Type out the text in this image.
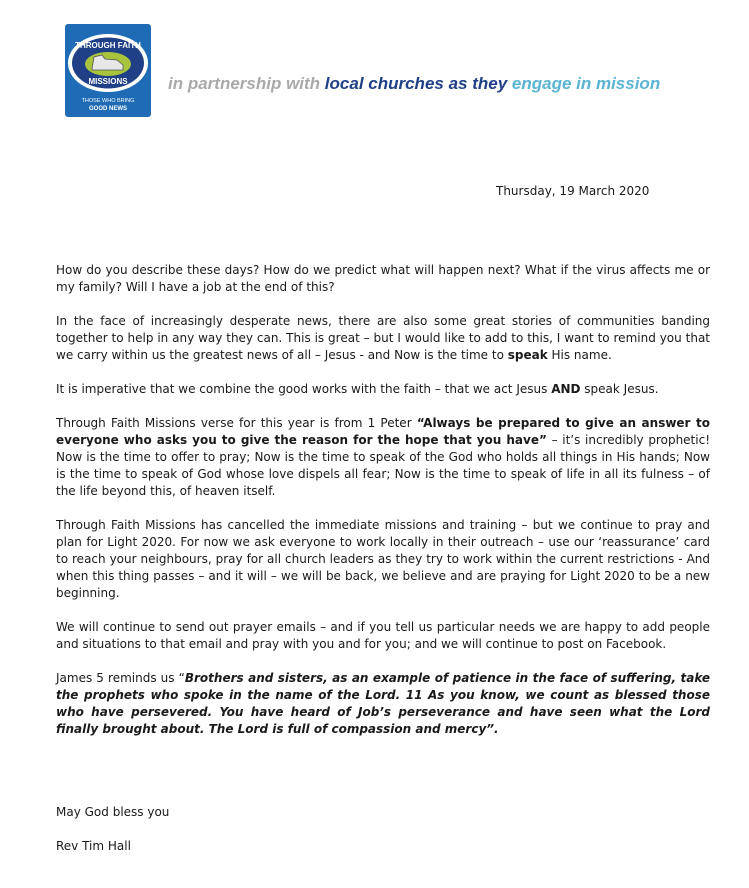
THROUGH FAITH
MISSIONS
THOSE WHO BRING
GOOD NEWS
in partnership with local churches as they engage in mission
Thursday, 19 March 2020

How do you describe these days? How do we predict what will happen next? What if the virus affects me or my family? Will I have a job at the end of this?

In the face of increasingly desperate news, there are also some great stories of communities banding together to help in any way they can. This is great – but I would like to add to this, I want to remind you that we carry within us the greatest news of all – Jesus - and Now is the time to speak His name.

It is imperative that we combine the good works with the faith – that we act Jesus AND speak Jesus.

Through Faith Missions verse for this year is from 1 Peter “Always be prepared to give an answer to everyone who asks you to give the reason for the hope that you have” – it’s incredibly prophetic! Now is the time to offer to pray; Now is the time to speak of the God who holds all things in His hands; Now is the time to speak of God whose love dispels all fear; Now is the time to speak of life in all its fulness – of the life beyond this, of heaven itself.

Through Faith Missions has cancelled the immediate missions and training – but we continue to pray and plan for Light 2020. For now we ask everyone to work locally in their outreach – use our ‘reassurance’ card to reach your neighbours, pray for all church leaders as they try to work within the current restrictions - And when this thing passes – and it will – we will be back, we believe and are praying for Light 2020 to be a new beginning.

We will continue to send out prayer emails – and if you tell us particular needs we are happy to add people and situations to that email and pray with you and for you; and we will continue to post on Facebook.

James 5 reminds us “Brothers and sisters, as an example of patience in the face of suffering, take the prophets who spoke in the name of the Lord. 11 As you know, we count as blessed those who have persevered. You have heard of Job’s perseverance and have seen what the Lord finally brought about. The Lord is full of compassion and mercy”.

May God bless you

Rev Tim Hall
